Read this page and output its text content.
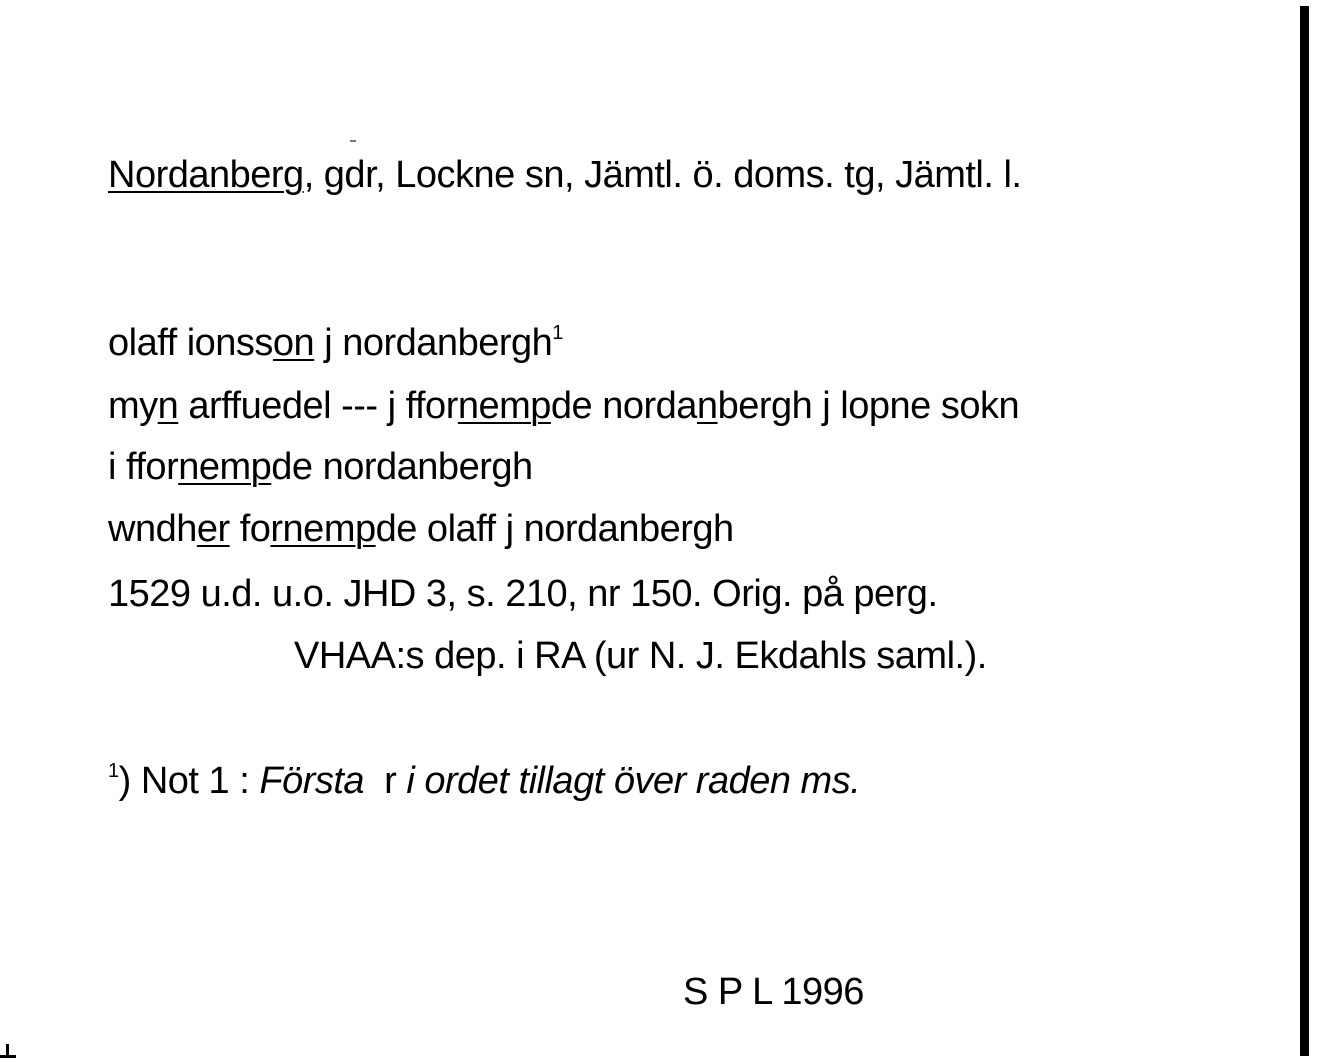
Nordanberg, gdr, Lockne sn, Jämtl. ö. doms. tg, Jämtl. l.
olaff ionsson j nordanbergh$^1$
myn arffuedel --- j ffornempde nordanbergh j lopne sokn
i ffornempde nordanbergh
wndher fornempde olaff j nordanbergh
1529 u.d. u.o. JHD 3, s. 210, nr 150. Orig. på perg.
VHAA:s dep. i RA (ur N. J. Ekdahls saml.).
$^1$) Not 1 : Första  r i ordet tillagt över raden ms.
S P L 1996
